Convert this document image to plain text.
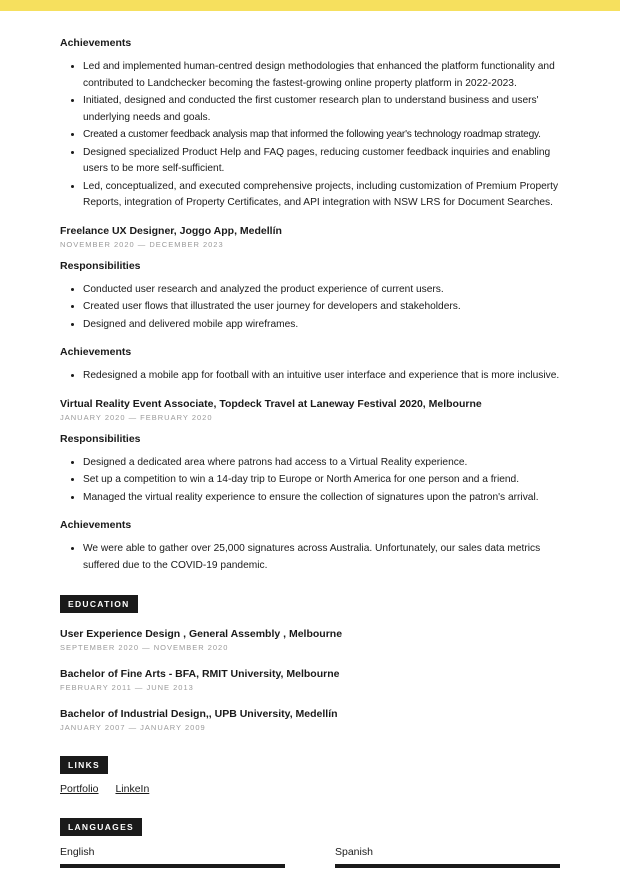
Achievements
• Led and implemented human-centred design methodologies that enhanced the platform functionality and contributed to Landchecker becoming the fastest-growing online property platform in 2022-2023.
• Initiated, designed and conducted the first customer research plan to understand business and users' underlying needs and goals.
• Created a customer feedback analysis map that informed the following year's technology roadmap strategy.
• Designed specialized Product Help and FAQ pages, reducing customer feedback inquiries and enabling users to be more self-sufficient.
• Led, conceptualized, and executed comprehensive projects, including customization of Premium Property Reports, integration of Property Certificates, and API integration with NSW LRS for Document Searches.
Freelance UX Designer, Joggo App, Medellín
NOVEMBER 2020 — DECEMBER 2023
Responsibilities
• Conducted user research and analyzed the product experience of current users.
• Created user flows that illustrated the user journey for developers and stakeholders.
• Designed and delivered mobile app wireframes.
Achievements
• Redesigned a mobile app for football with an intuitive user interface and experience that is more inclusive.
Virtual Reality Event Associate, Topdeck Travel at Laneway Festival 2020, Melbourne
JANUARY 2020 — FEBRUARY 2020
Responsibilities
• Designed a dedicated area where patrons had access to a Virtual Reality experience.
• Set up a competition to win a 14-day trip to Europe or North America for one person and a friend.
• Managed the virtual reality experience to ensure the collection of signatures upon the patron's arrival.
Achievements
• We were able to gather over 25,000 signatures across Australia. Unfortunately, our sales data metrics suffered due to the COVID-19 pandemic.
EDUCATION
User Experience Design , General Assembly , Melbourne
SEPTEMBER 2020 — NOVEMBER 2020
Bachelor of Fine Arts - BFA, RMIT University, Melbourne
FEBRUARY 2011 — JUNE 2013
Bachelor of Industrial Design,, UPB University, Medellín
JANUARY 2007 — JANUARY 2009
LINKS
Portfolio LinkeIn
LANGUAGES
English	Spanish
